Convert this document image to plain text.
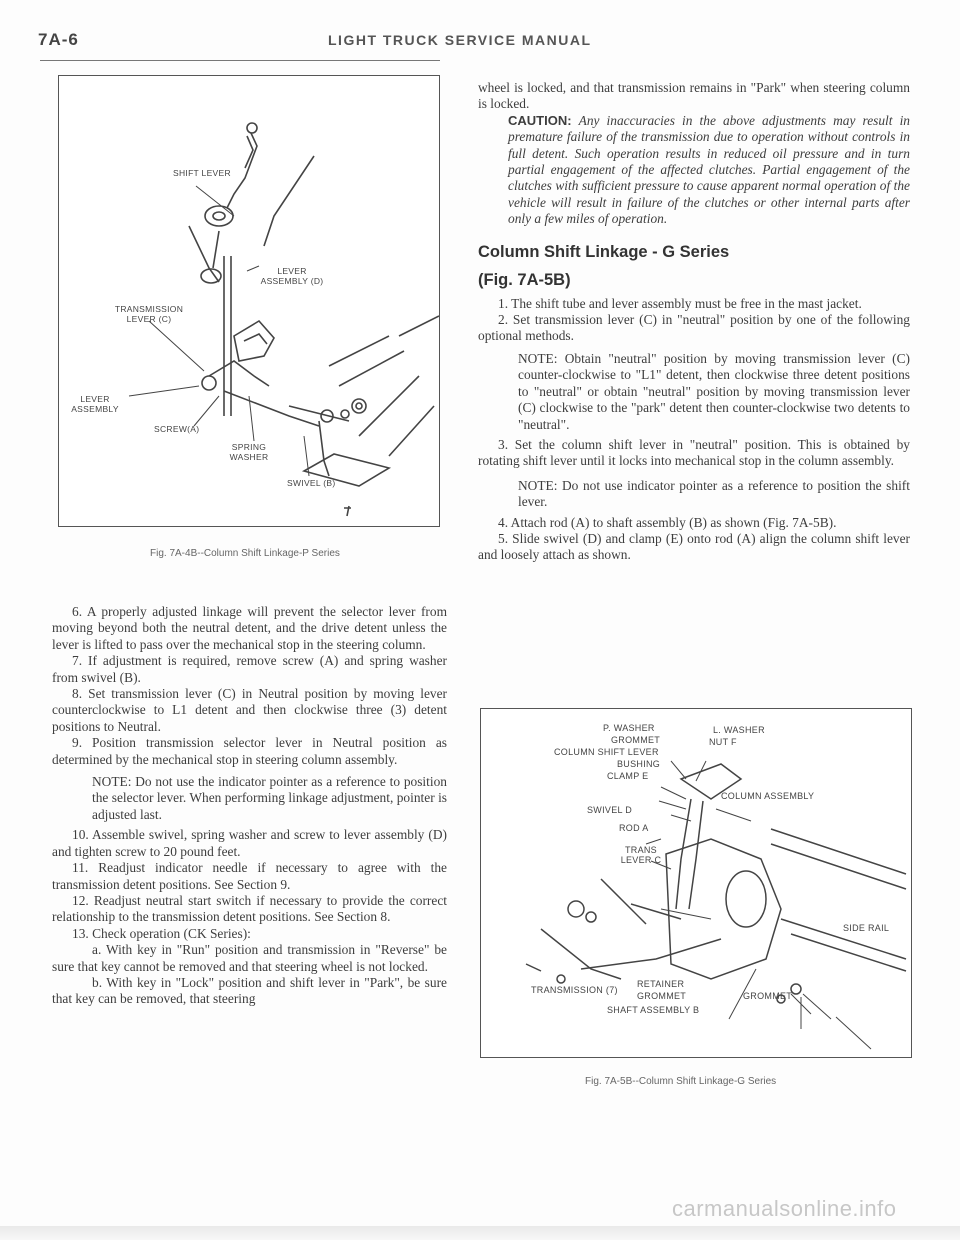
7A-6	LIGHT TRUCK SERVICE MANUAL
SHIFT LEVER
LEVER ASSEMBLY (D)
TRANSMISSION LEVER (C)
LEVER ASSEMBLY
SCREW(A)
SPRING WASHER
SWIVEL (B)
Fig. 7A-4B--Column Shift Linkage-P Series

6. A properly adjusted linkage will prevent the selector lever from moving beyond both the neutral detent, and the drive detent unless the lever is lifted to pass over the mechanical stop in the steering column.

7. If adjustment is required, remove screw (A) and spring washer from swivel (B).

8. Set transmission lever (C) in Neutral position by moving lever counterclockwise to L1 detent and then clockwise three (3) detent positions to Neutral.

9. Position transmission selector lever in Neutral position as determined by the mechanical stop in steering column assembly.

NOTE: Do not use the indicator pointer as a reference to position the selector lever. When performing linkage adjustment, pointer is adjusted last.

10. Assemble swivel, spring washer and screw to lever assembly (D) and tighten screw to 20 pound feet.

11. Readjust indicator needle if necessary to agree with the transmission detent positions. See Section 9.

12. Readjust neutral start switch if necessary to provide the correct relationship to the transmission detent positions. See Section 8.

13. Check operation (CK Series):

a. With key in "Run" position and transmission in "Reverse" be sure that key cannot be removed and that steering wheel is not locked.

b. With key in "Lock" position and shift lever in "Park", be sure that key can be removed, that steering

wheel is locked, and that transmission remains in "Park" when steering column is locked.

CAUTION: Any inaccuracies in the above adjustments may result in premature failure of the transmission due to operation without controls in full detent. Such operation results in reduced oil pressure and in turn partial engagement of the affected clutches. Partial engagement of the clutches with sufficient pressure to cause apparent normal operation of the vehicle will result in failure of the clutches or other internal parts after only a few miles of operation.

Column Shift Linkage - G Series
(Fig. 7A-5B)

1. The shift tube and lever assembly must be free in the mast jacket.

2. Set transmission lever (C) in "neutral" position by one of the following optional methods.

NOTE: Obtain "neutral" position by moving transmission lever (C) counter-clockwise to "L1" detent, then clockwise three detent positions to "neutral" or obtain "neutral" position by moving transmission lever (C) clockwise to the "park" detent then counter-clockwise two detents to "neutral".

3. Set the column shift lever in "neutral" position. This is obtained by rotating shift lever until it locks into mechanical stop in the column assembly.

NOTE: Do not use indicator pointer as a reference to position the shift lever.

4. Attach rod (A) to shaft assembly (B) as shown (Fig. 7A-5B).

5. Slide swivel (D) and clamp (E) onto rod (A) align the column shift lever and loosely attach as shown.

P. WASHER	L. WASHER
GROMMET	NUT F
COLUMN SHIFT LEVER
BUSHING
CLAMP E
COLUMN ASSEMBLY
SWIVEL D
ROD A
TRANS LEVER C
SIDE RAIL
TRANSMISSION (7)
RETAINER
GROMMET	GROMMET
SHAFT ASSEMBLY B
Fig. 7A-5B--Column Shift Linkage-G Series
carmanualsonline.info
